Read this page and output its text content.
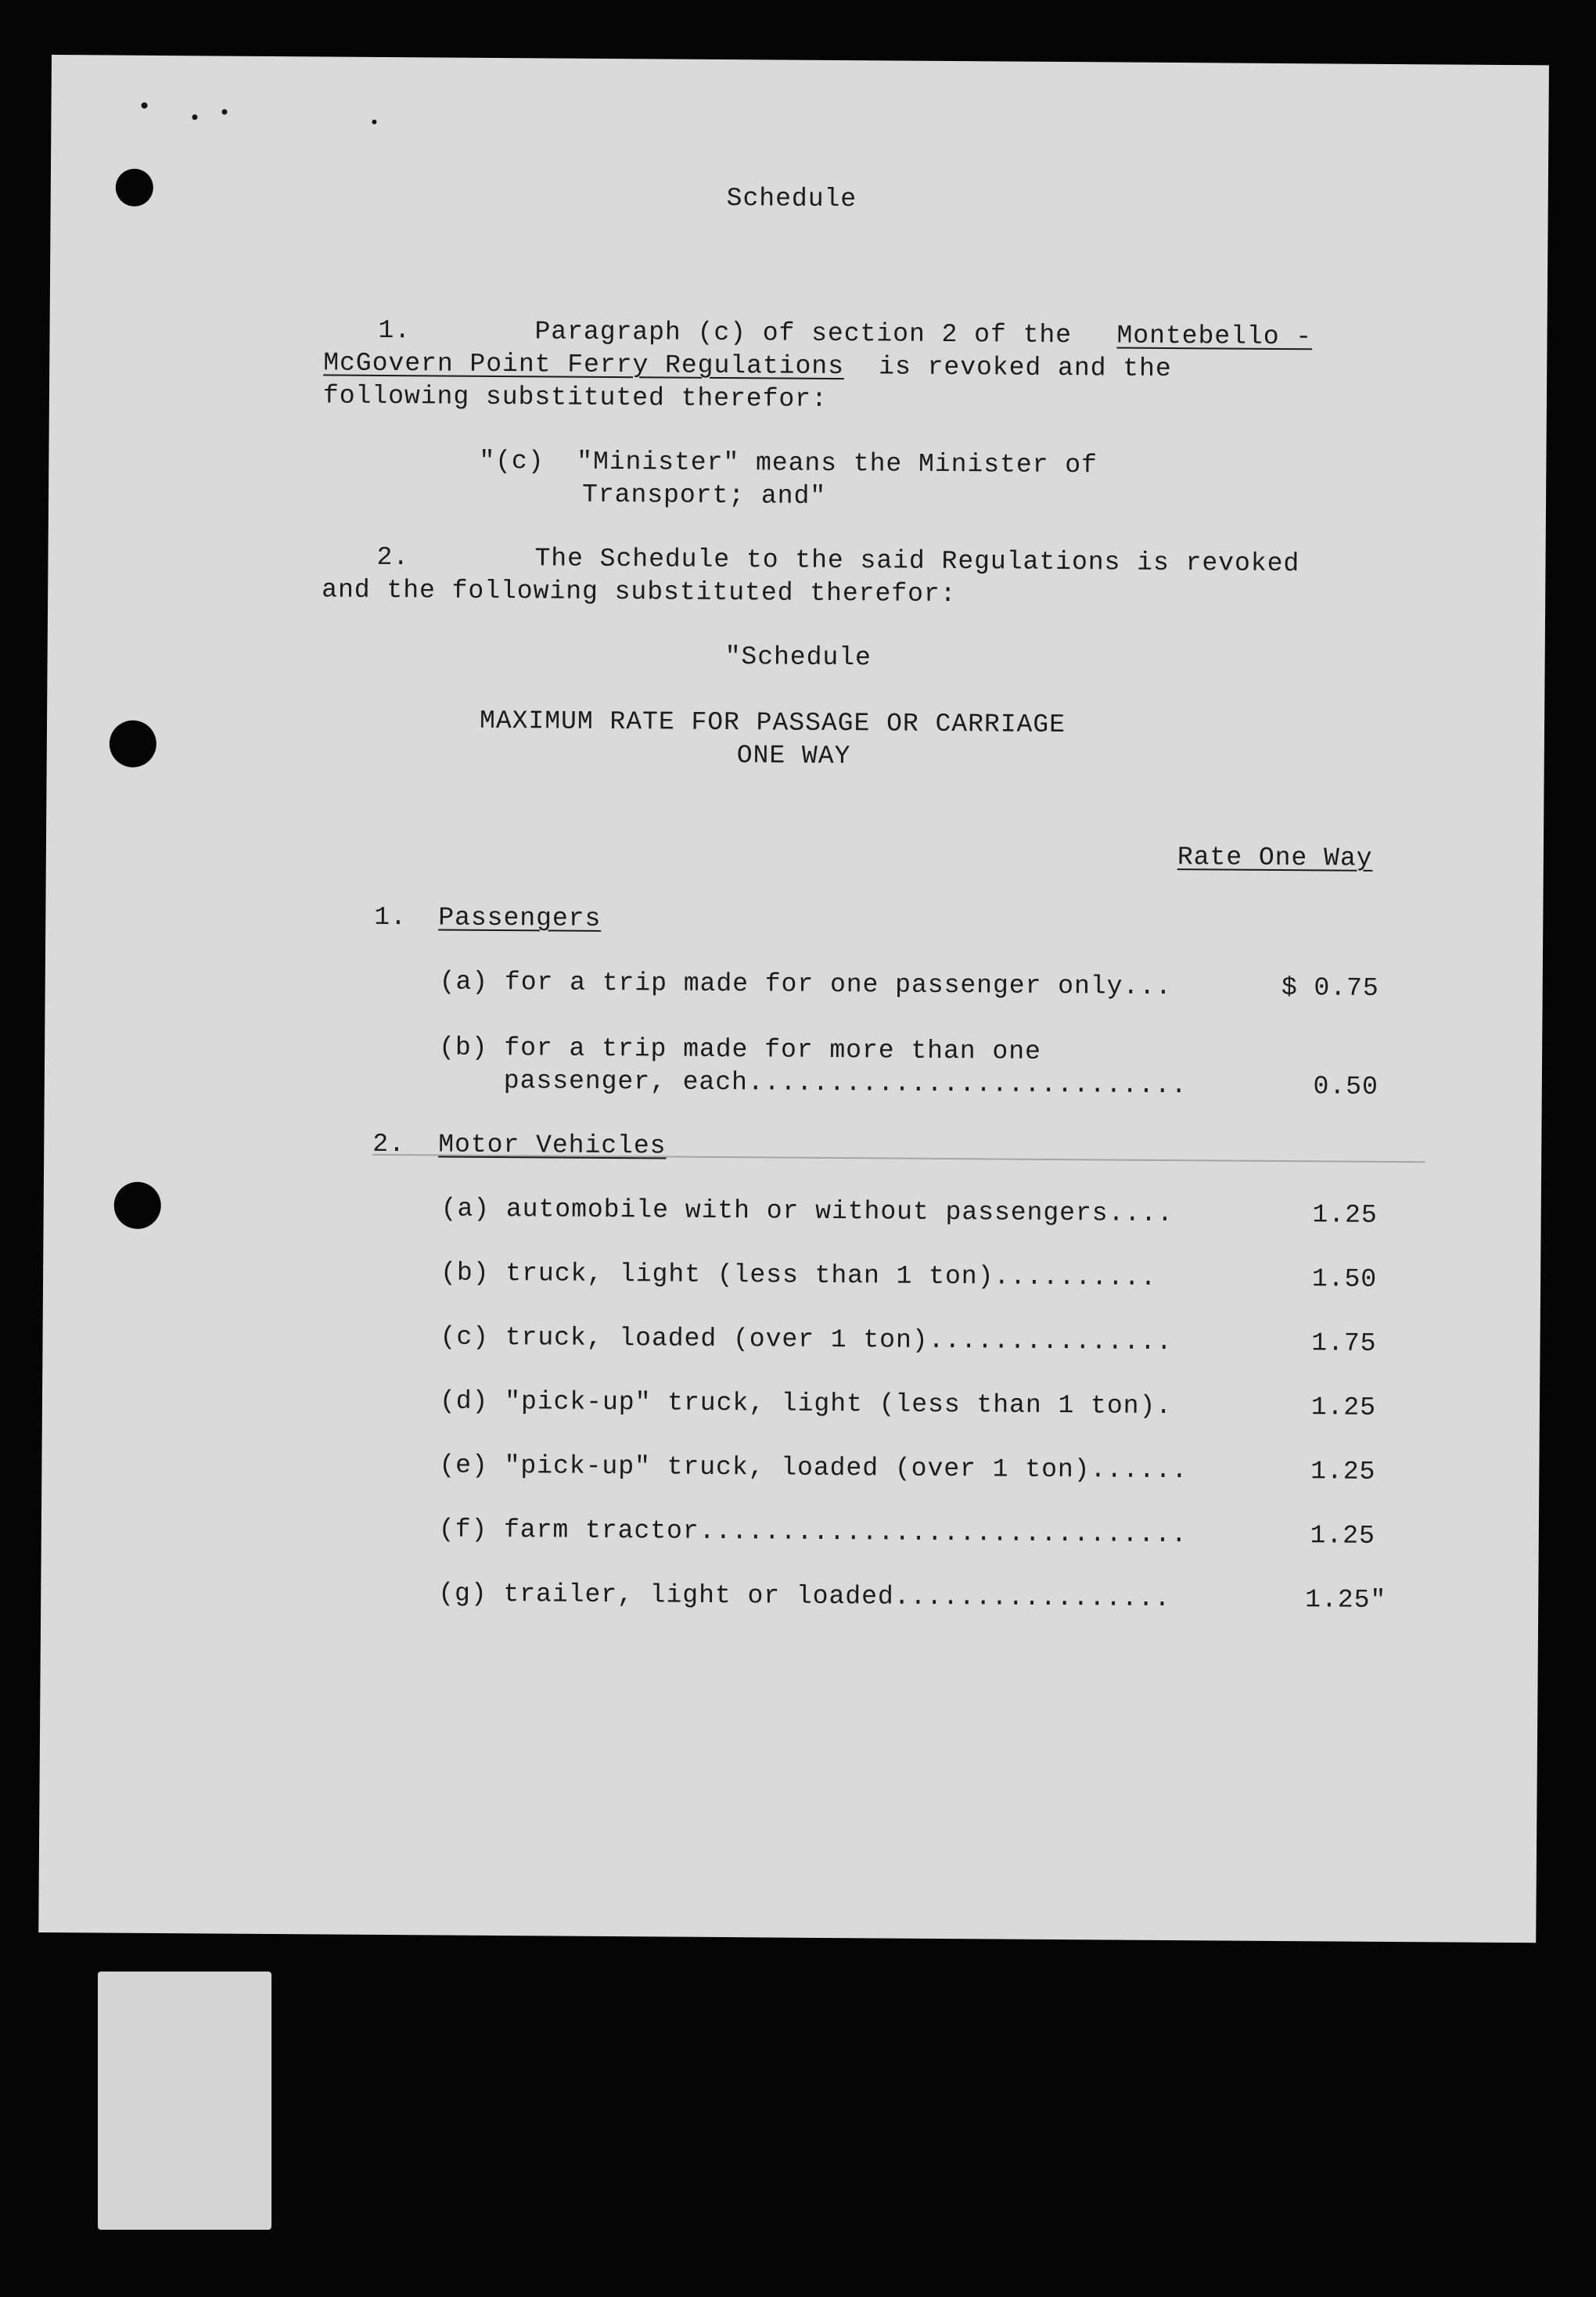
Schedule
1.	Paragraph (c) of section 2 of the Montebello -
McGovern Point Ferry Regulations is revoked and the
following substituted therefor:
"(c)  "Minister" means the Minister of
Transport; and"
2.	The Schedule to the said Regulations is revoked
and the following substituted therefor:
"Schedule
MAXIMUM RATE FOR PASSAGE OR CARRIAGE
ONE WAY
Rate One Way
1. Passengers
(a) for a trip made for one passenger only...	$ 0.75
(b) for a trip made for more than one
passenger, each...........................	0.50
2. Motor Vehicles
(a) automobile with or without passengers....	1.25
(b) truck, light (less than 1 ton)..........	1.50
(c) truck, loaded (over 1 ton)...............	1.75
(d) "pick-up" truck, light (less than 1 ton).	1.25
(e) "pick-up" truck, loaded (over 1 ton)......	1.25
(f) farm tractor..............................	1.25
(g) trailer, light or loaded.................	1.25"
